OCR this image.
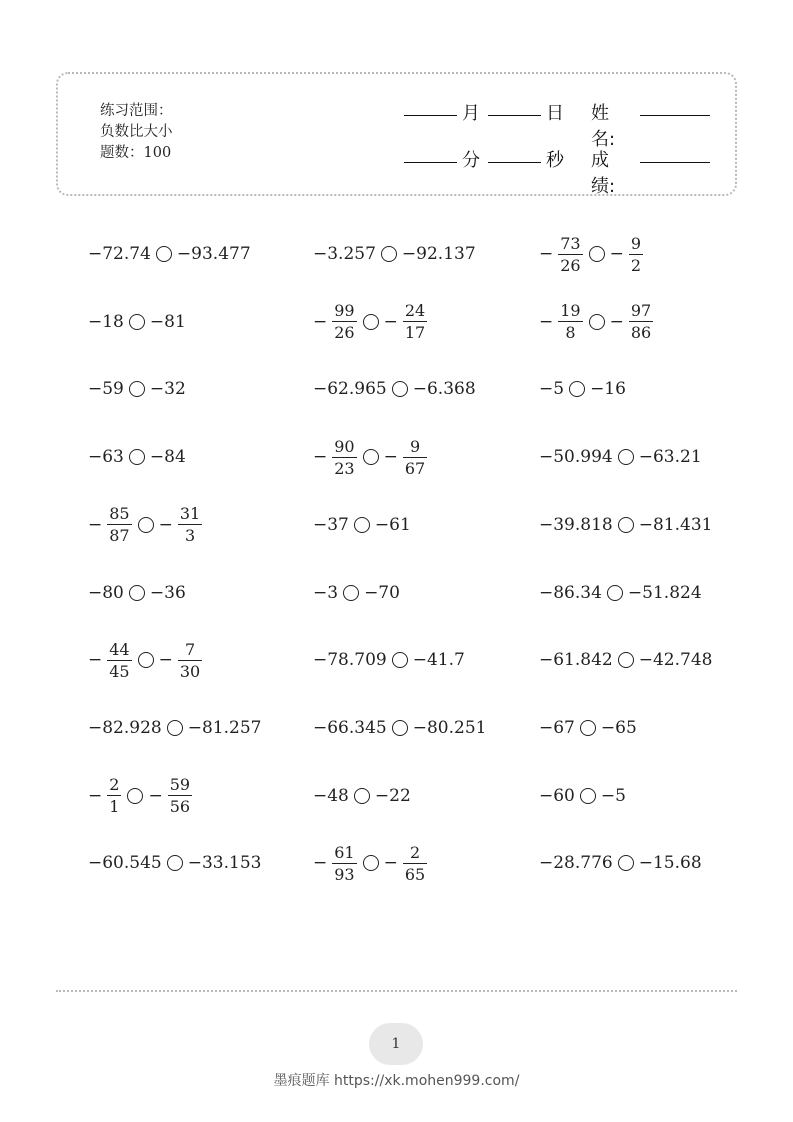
练习范围：
负数比大小
题数：100
月	日 姓名:
分	秒 成绩:
−72.74 −93.477	−3.257 −92.137	− $\frac{73}{26} - \frac{9}{2}$
−18 −81	− $\frac{99}{26} - \frac{24}{17}$	− $\frac{19}{8} - \frac{97}{86}$
−59 −32	−62.965 −6.368	−5 −16
−63 −84	− $\frac{90}{23} - \frac{9}{67}$	−50.994 −63.21
− $\frac{85}{87} - \frac{31}{3}$	−37 −61	−39.818 −81.431
−80 −36	−3 −70	−86.34 −51.824
− $\frac{44}{45} - \frac{7}{30}$	−78.709 −41.7	−61.842 −42.748
−82.928 −81.257	−66.345 −80.251	−67 −65
− $\frac{2}{1} - \frac{59}{56}$	−48 −22	−60 −5
−60.545 −33.153	− $\frac{61}{93} - \frac{2}{65}$	−28.776 −15.68
1
墨痕题库 https://xk.mohen999.com/
